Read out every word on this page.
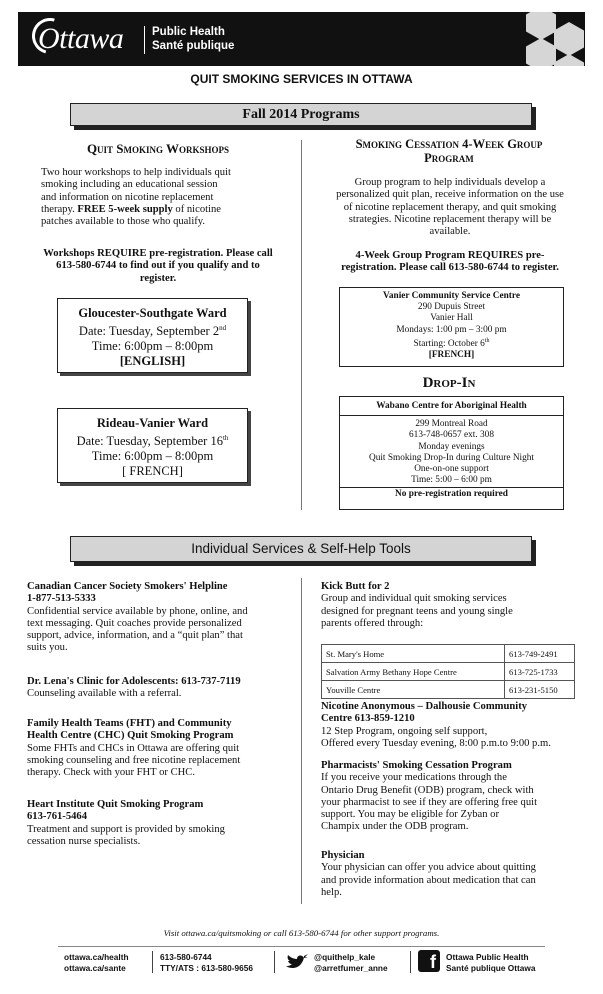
Ottawa Public Health
Santé publique
QUIT SMOKING SERVICES IN OTTAWA
Fall 2014 Programs
Quit Smoking Workshops
Two hour workshops to help individuals quit
smoking including an educational session
and information on nicotine replacement
therapy. FREE 5-week supply of nicotine
patches available to those who qualify.
Workshops REQUIRE pre-registration. Please call
613-580-6744 to find out if you qualify and to
register.
Gloucester-Southgate Ward
Date: Tuesday, September 2nd
Time: 6:00pm – 8:00pm
[ENGLISH]
Rideau-Vanier Ward
Date: Tuesday, September 16th
Time: 6:00pm – 8:00pm
[ FRENCH]
Smoking Cessation 4-Week Group
Program
Group program to help individuals develop a
personalized quit plan, receive information on the use
of nicotine replacement therapy, and quit smoking
strategies. Nicotine replacement therapy will be
available.
4-Week Group Program REQUIRES pre-
registration. Please call 613-580-6744 to register.
Vanier Community Service Centre
290 Dupuis Street
Vanier Hall
Mondays: 1:00 pm – 3:00 pm
Starting: October 6th
[FRENCH]
Drop-In
Wabano Centre for Aboriginal Health
299 Montreal Road
613-748-0657 ext. 308
Monday evenings
Quit Smoking Drop-In during Culture Night
One-on-one support
Time: 5:00 – 6:00 pm
No pre-registration required
Individual Services & Self-Help Tools
Canadian Cancer Society Smokers' Helpline
1-877-513-5333
Confidential service available by phone, online, and
text messaging. Quit coaches provide personalized
support, advice, information, and a “quit plan” that
suits you.
Dr. Lena's Clinic for Adolescents: 613-737-7119
Counseling available with a referral.
Family Health Teams (FHT) and Community
Health Centre (CHC) Quit Smoking Program
Some FHTs and CHCs in Ottawa are offering quit
smoking counseling and free nicotine replacement
therapy. Check with your FHT or CHC.
Heart Institute Quit Smoking Program
613-761-5464
Treatment and support is provided by smoking
cessation nurse specialists.
Kick Butt for 2
Group and individual quit smoking services
designed for pregnant teens and young single
parents offered through:
St. Mary's Home	613-749-2491
Salvation Army Bethany Hope Centre	613-725-1733
Youville Centre	613-231-5150
Nicotine Anonymous – Dalhousie Community
Centre 613-859-1210
12 Step Program, ongoing self support,
Offered every Tuesday evening, 8:00 p.m.to 9:00 p.m.
Pharmacists' Smoking Cessation Program
If you receive your medications through the
Ontario Drug Benefit (ODB) program, check with
your pharmacist to see if they are offering free quit
support. You may be eligible for Zyban or
Champix under the ODB program.
Physician
Your physician can offer you advice about quitting
and provide information about medication that can
help.
Visit ottawa.ca/quitsmoking or call 613-580-6744 for other support programs.
ottawa.ca/health
ottawa.ca/sante
613-580-6744
TTY/ATS : 613-580-9656
@quithelp_kale
@arretfumer_anne	f	Ottawa Public Health
Santé publique Ottawa
